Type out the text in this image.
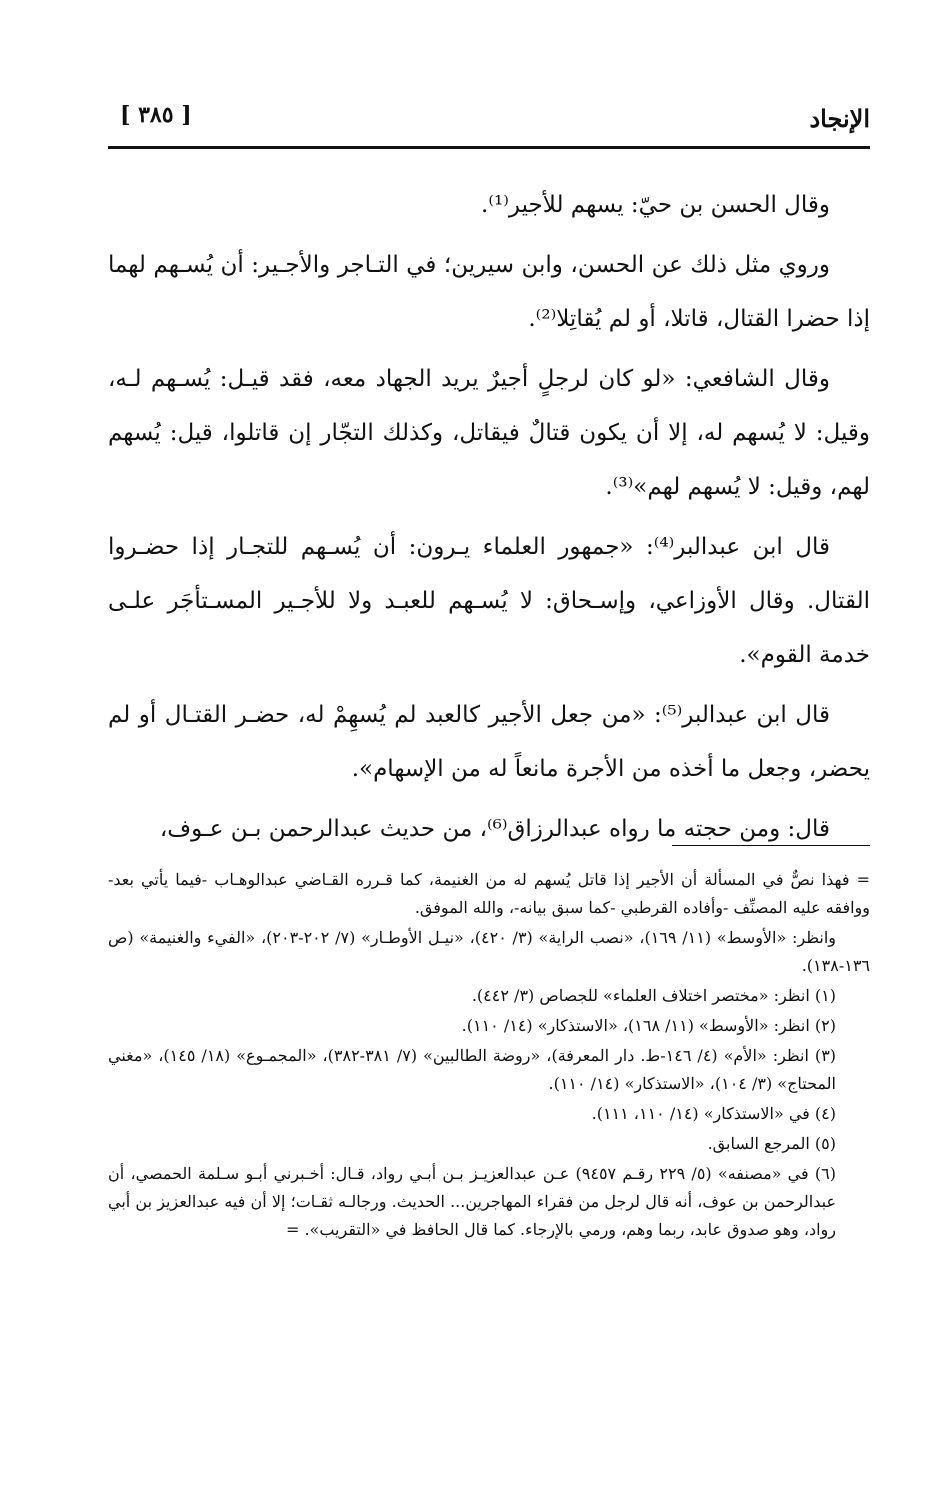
الإنجاد
[ ٣٨٥ ]

وقال الحسن بن حيّ: يسهم للأجير⁽¹⁾.

وروي مثل ذلك عن الحسن، وابن سيرين؛ في التـاجر والأجـير: أن يُسـهم لهما إذا حضرا القتال، قاتلا، أو لم يُقاتِلا⁽²⁾.

وقال الشافعي: «لو كان لرجلٍ أجيرٌ يريد الجهاد معه، فقد قيـل: يُسـهم لـه، وقيل: لا يُسهم له، إلا أن يكون قتالٌ فيقاتل، وكذلك التجّار إن قاتلوا، قيل: يُسهم لهم، وقيل: لا يُسهم لهم»⁽³⁾.

قال ابن عبدالبر⁽⁴⁾: «جمهور العلماء يـرون: أن يُسـهم للتجـار إذا حضـروا القتال. وقال الأوزاعي، وإسـحاق: لا يُسـهم للعبـد ولا للأجـير المسـتأجَر علـى خدمة القوم».

قال ابن عبدالبر⁽⁵⁾: «من جعل الأجير كالعبد لم يُسهِمْ له، حضـر القتـال أو لم يحضر، وجعل ما أخذه من الأجرة مانعاً له من الإسهام».

قال: ومن حجته ما رواه عبدالرزاق⁽⁶⁾، من حديث عبدالرحمن بـن عـوف،

= فهذا نصٌّ في المسألة أن الأجير إذا قاتل يُسهم له من الغنيمة، كما قـرره القـاضي عبدالوهـاب -فيما يأتي بعد- ووافقه عليه المصنِّف -وأفاده القرطبي -كما سبق بيانه-، والله الموفق.

وانظر: «الأوسط» (١١/ ١٦٩)، «نصب الراية» (٣/ ٤٢٠)، «نيـل الأوطـار» (٧/ ٢٠٢-٢٠٣)، «الفيء والغنيمة» (ص ١٣٦-١٣٨).

(١) انظر: «مختصر اختلاف العلماء» للجصاص (٣/ ٤٤٢).

(٢) انظر: «الأوسط» (١١/ ١٦٨)، «الاستذكار» (١٤/ ١١٠).

(٣) انظر: «الأم» (٤/ ١٤٦-ط. دار المعرفة)، «روضة الطالبين» (٧/ ٣٨١-٣٨٢)، «المجمـوع» (١٨/ ١٤٥)، «مغني المحتاج» (٣/ ١٠٤)، «الاستذكار» (١٤/ ١١٠).

(٤) في «الاستذكار» (١٤/ ١١٠، ١١١).

(٥) المرجع السابق.

(٦) في «مصنفه» (٥/ ٢٢٩ رقـم ٩٤٥٧) عـن عبدالعزيـز بـن أبـي رواد، قـال: أخـبرني أبـو سـلمة الحمصي، أن عبدالرحمن بن عوف، أنه قال لرجل من فقراء المهاجرين... الحديث. ورجالـه ثقـات؛ إلا أن فيه عبدالعزيز بن أبي رواد، وهو صدوق عابد، ربما وهم، ورمي بالإرجاء. كما قال الحافظ في «التقريب». =
